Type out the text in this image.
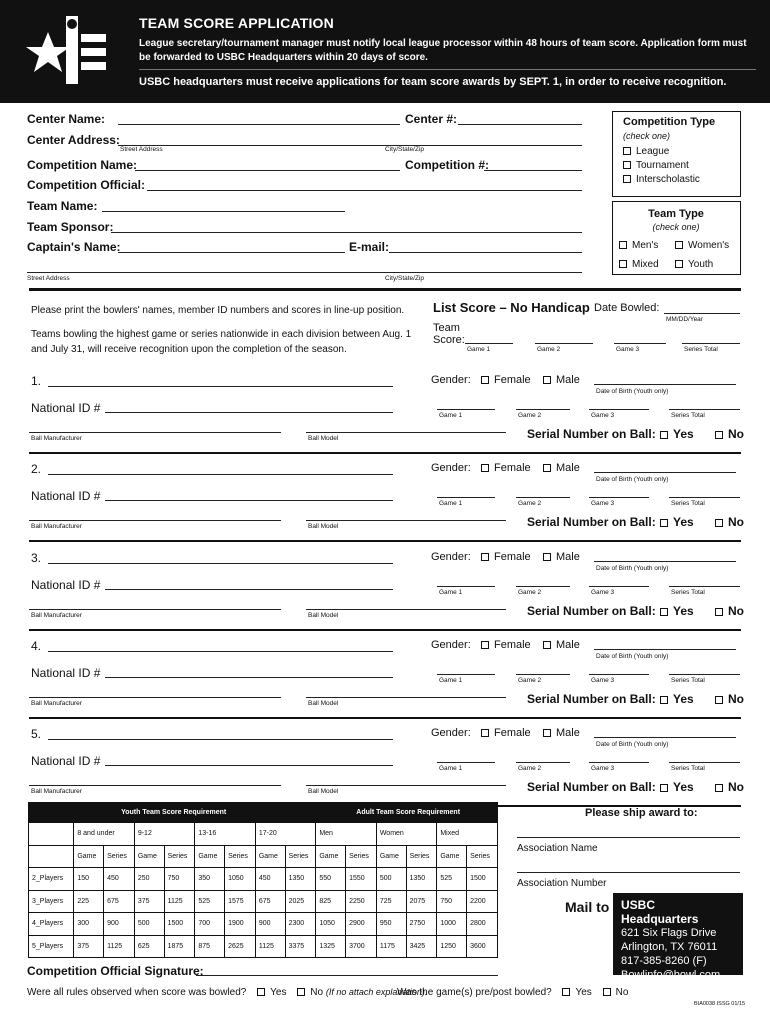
TEAM SCORE APPLICATION
League secretary/tournament manager must notify local league processor within 48 hours of team score. Application form must be forwarded to USBC Headquarters within 20 days of score.
USBC headquarters must receive applications for team score awards by SEPT. 1, in order to receive recognition.
Center Name:	Center #:
Center Address:
Street Address	City/State/Zip
Competition Name:	Competition #:
Competition Official:
Team Name:
Team Sponsor:
Captain's Name:	E-mail:
Street Address	City/State/Zip
Competition Type
(check one)
League
Tournament
Interscholastic
Team Type
(check one)
Men's	Women's
Mixed	Youth
Please print the bowlers' names, member ID numbers and scores in line-up position.
Teams bowling the highest game or series nationwide in each division between Aug. 1 and July 31, will receive recognition upon the completion of the season.
List Score – No Handicap Date Bowled:
MM/DD/Year
Team
Score:
Game 1	Game 2	Game 3	Series Total
1.
National ID #
Ball Manufacturer	Ball Model
Gender:	Female	Male
Date of Birth (Youth only)
Game 1	Game 2	Game 3	Series Total
Serial Number on Ball:	Yes	No
2.
National ID #
Ball Manufacturer	Ball Model
Gender:	Female	Male
Date of Birth (Youth only)
Game 1	Game 2	Game 3	Series Total
Serial Number on Ball:	Yes	No
3.
National ID #
Ball Manufacturer	Ball Model
Gender:	Female	Male
Date of Birth (Youth only)
Game 1	Game 2	Game 3	Series Total
Serial Number on Ball:	Yes	No
4.
National ID #
Ball Manufacturer	Ball Model
Gender:	Female	Male
Date of Birth (Youth only)
Game 1	Game 2	Game 3	Series Total
Serial Number on Ball:	Yes	No
5.
National ID #
Ball Manufacturer	Ball Model
Gender:	Female	Male
Date of Birth (Youth only)
Game 1	Game 2	Game 3	Series Total
Serial Number on Ball:	Yes	No
Youth Team Score Requirement									Adult Team Score Requirement					
	8 and under		9-12		13-16		17-20		Men		Women		Mixed	
	Game	Series	Game	Series	Game	Series	Game	Series	Game	Series	Game	Series	Game	Series
2_Players	150	450	250	750	350	1050	450	1350	550	1550	500	1350	525	1500
3_Players	225	675	375	1125	525	1575	675	2025	825	2250	725	2075	750	2200
4_Players	300	900	500	1500	700	1900	900	2300	1050	2900	950	2750	1000	2800
5_Players	375	1125	625	1875	875	2625	1125	3375	1325	3700	1175	3425	1250	3600
Please ship award to:
Association Name
Association Number
Mail to USBC Headquarters
621 Six Flags Drive
Arlington, TX 76011
817-385-8260 (F)
Bowlinfo@bowl.com
Competition Official Signature:
Were all rules observed when score was bowled? Yes No (If no attach explanation).
Was the game(s) pre/post bowled? Yes No
BIA0038 ISSG 01/15
